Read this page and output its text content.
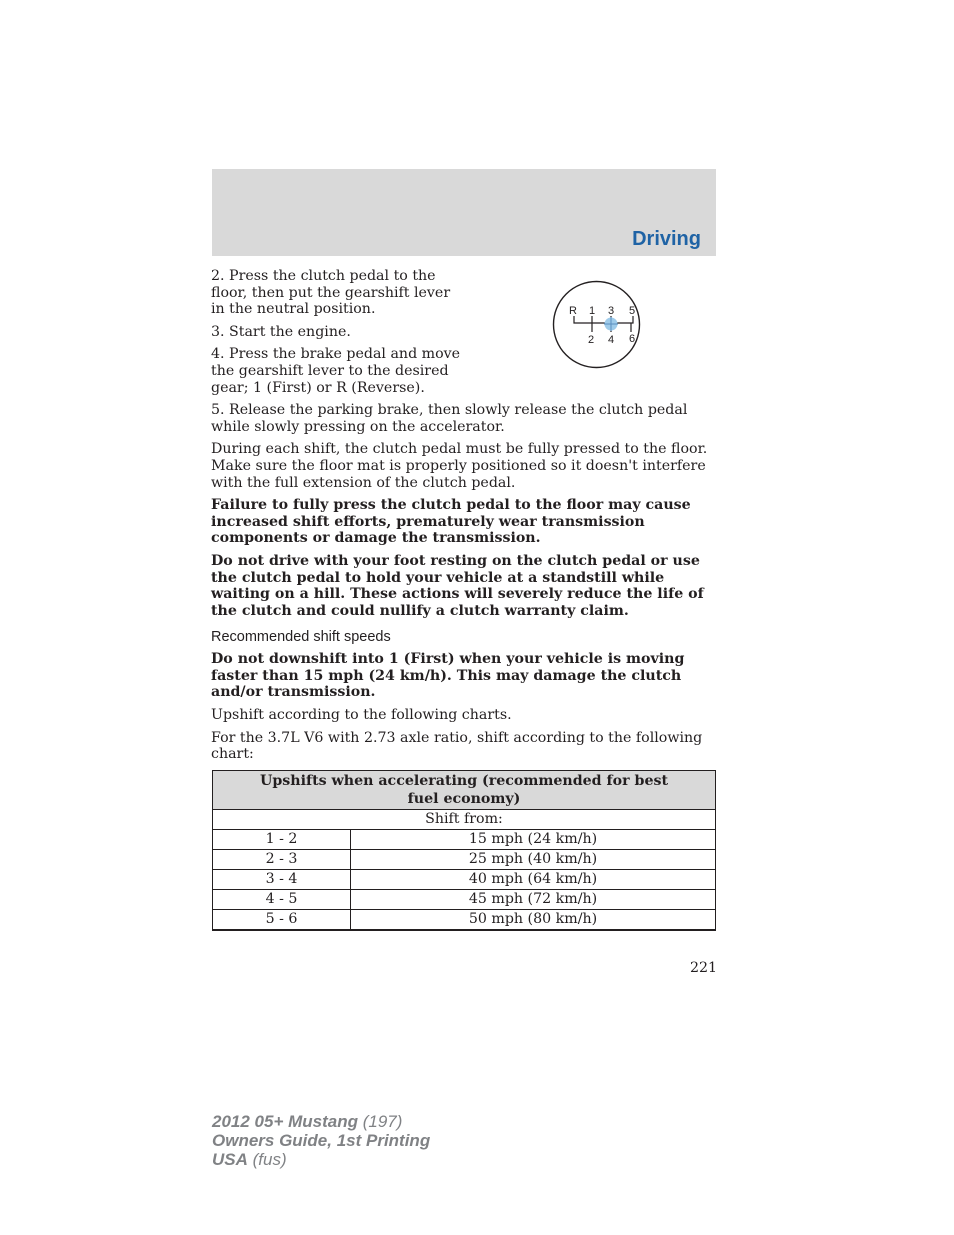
Driving
R 1 3 5
2 4 6

2. Press the clutch pedal to the floor, then put the gearshift lever in the neutral position.

3. Start the engine.

4. Press the brake pedal and move the gearshift lever to the desired gear; 1 (First) or R (Reverse).

5. Release the parking brake, then slowly release the clutch pedal while slowly pressing on the accelerator.

During each shift, the clutch pedal must be fully pressed to the floor. Make sure the floor mat is properly positioned so it doesn't interfere with the full extension of the clutch pedal.

Failure to fully press the clutch pedal to the floor may cause increased shift efforts, prematurely wear transmission components or damage the transmission.

Do not drive with your foot resting on the clutch pedal or use the clutch pedal to hold your vehicle at a standstill while waiting on a hill. These actions will severely reduce the life of the clutch and could nullify a clutch warranty claim.

Recommended shift speeds

Do not downshift into 1 (First) when your vehicle is moving faster than 15 mph (24 km/h). This may damage the clutch and/or transmission.

Upshift according to the following charts.

For the 3.7L V6 with 2.73 axle ratio, shift according to the following chart:

Upshifts when accelerating (recommended for best fuel economy)	
Shift from:	
1 - 2	15 mph (24 km/h)
2 - 3	25 mph (40 km/h)
3 - 4	40 mph (64 km/h)
4 - 5	45 mph (72 km/h)
5 - 6	50 mph (80 km/h)
221
2012 05+ Mustang (197)
Owners Guide, 1st Printing
USA (fus)
